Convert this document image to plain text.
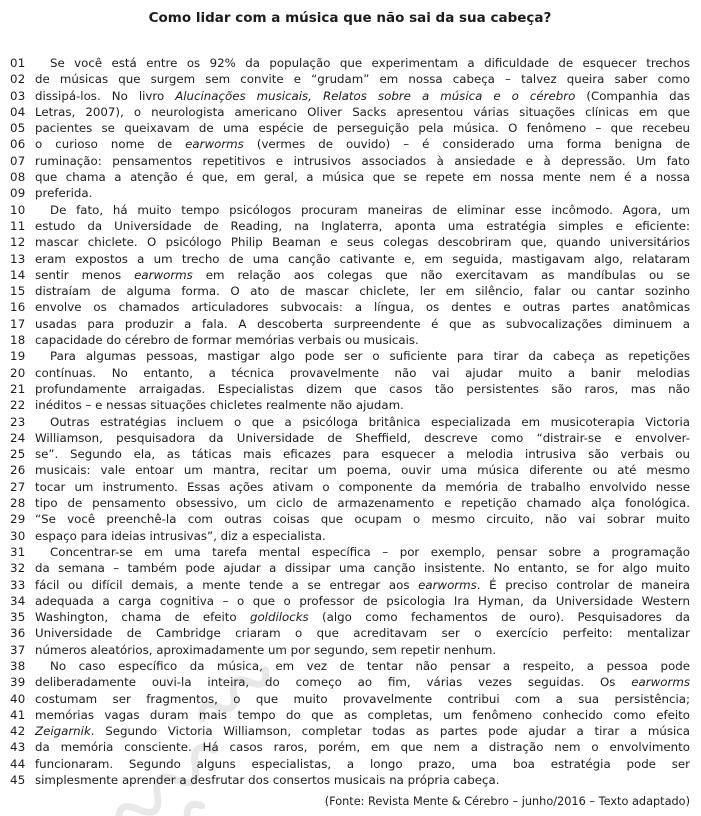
Como lidar com a música que não sai da sua cabeça?
01	Se você está entre os 92% da população que experimentam a dificuldade de esquecer trechos
02 de músicas que surgem sem convite e “grudam” em nossa cabeça – talvez queira saber como
03 dissipá-los. No livro Alucinações musicais, Relatos sobre a música e o cérebro (Companhia das
04 Letras, 2007), o neurologista americano Oliver Sacks apresentou várias situações clínicas em que
05 pacientes se queixavam de uma espécie de perseguição pela música. O fenômeno – que recebeu
06 o curioso nome de earworms (vermes de ouvido) – é considerado uma forma benigna de
07 ruminação: pensamentos repetitivos e intrusivos associados à ansiedade e à depressão. Um fato
08 que chama a atenção é que, em geral, a música que se repete em nossa mente nem é a nossa
09 preferida.
10	De fato, há muito tempo psicólogos procuram maneiras de eliminar esse incômodo. Agora, um
11 estudo da Universidade de Reading, na Inglaterra, aponta uma estratégia simples e eficiente:
12 mascar chiclete. O psicólogo Philip Beaman e seus colegas descobriram que, quando universitários
13 eram expostos a um trecho de uma canção cativante e, em seguida, mastigavam algo, relataram
14 sentir menos earworms em relação aos colegas que não exercitavam as mandíbulas ou se
15 distraíam de alguma forma. O ato de mascar chiclete, ler em silêncio, falar ou cantar sozinho
16 envolve os chamados articuladores subvocais: a língua, os dentes e outras partes anatômicas
17 usadas para produzir a fala. A descoberta surpreendente é que as subvocalizações diminuem a
18 capacidade do cérebro de formar memórias verbais ou musicais.
19	Para algumas pessoas, mastigar algo pode ser o suficiente para tirar da cabeça as repetições
20 contínuas. No entanto, a técnica provavelmente não vai ajudar muito a banir melodias
21 profundamente arraigadas. Especialistas dizem que casos tão persistentes são raros, mas não
22 inéditos – e nessas situações chicletes realmente não ajudam.
23	Outras estratégias incluem o que a psicóloga britânica especializada em musicoterapia Victoria
24 Williamson, pesquisadora da Universidade de Sheffield, descreve como “distrair-se e envolver-
25 se”. Segundo ela, as táticas mais eficazes para esquecer a melodia intrusiva são verbais ou
26 musicais: vale entoar um mantra, recitar um poema, ouvir uma música diferente ou até mesmo
27 tocar um instrumento. Essas ações ativam o componente da memória de trabalho envolvido nesse
28 tipo de pensamento obsessivo, um ciclo de armazenamento e repetição chamado alça fonológica.
29 “Se você preenchê-la com outras coisas que ocupam o mesmo circuito, não vai sobrar muito
30 espaço para ideias intrusivas”, diz a especialista.
31	Concentrar-se em uma tarefa mental específica – por exemplo, pensar sobre a programação
32 da semana – também pode ajudar a dissipar uma canção insistente. No entanto, se for algo muito
33 fácil ou difícil demais, a mente tende a se entregar aos earworms. É preciso controlar de maneira
34 adequada a carga cognitiva – o que o professor de psicologia Ira Hyman, da Universidade Western
35 Washington, chama de efeito goldilocks (algo como fechamentos de ouro). Pesquisadores da
36 Universidade de Cambridge criaram o que acreditavam ser o exercício perfeito: mentalizar
37 números aleatórios, aproximadamente um por segundo, sem repetir nenhum.
38	No caso específico da música, em vez de tentar não pensar a respeito, a pessoa pode
39 deliberadamente ouvi-la inteira, do começo ao fim, várias vezes seguidas. Os earworms
40 costumam ser fragmentos, o que muito provavelmente contribui com a sua persistência;
41 memórias vagas duram mais tempo do que as completas, um fenômeno conhecido como efeito
42 Zeigarnik. Segundo Victoria Williamson, completar todas as partes pode ajudar a tirar a música
43 da memória consciente. Há casos raros, porém, em que nem a distração nem o envolvimento
44 funcionaram. Segundo alguns especialistas, a longo prazo, uma boa estratégia pode ser
45 simplesmente aprender a desfrutar dos consertos musicais na própria cabeça.
(Fonte: Revista Mente & Cérebro – junho/2016 – Texto adaptado)
